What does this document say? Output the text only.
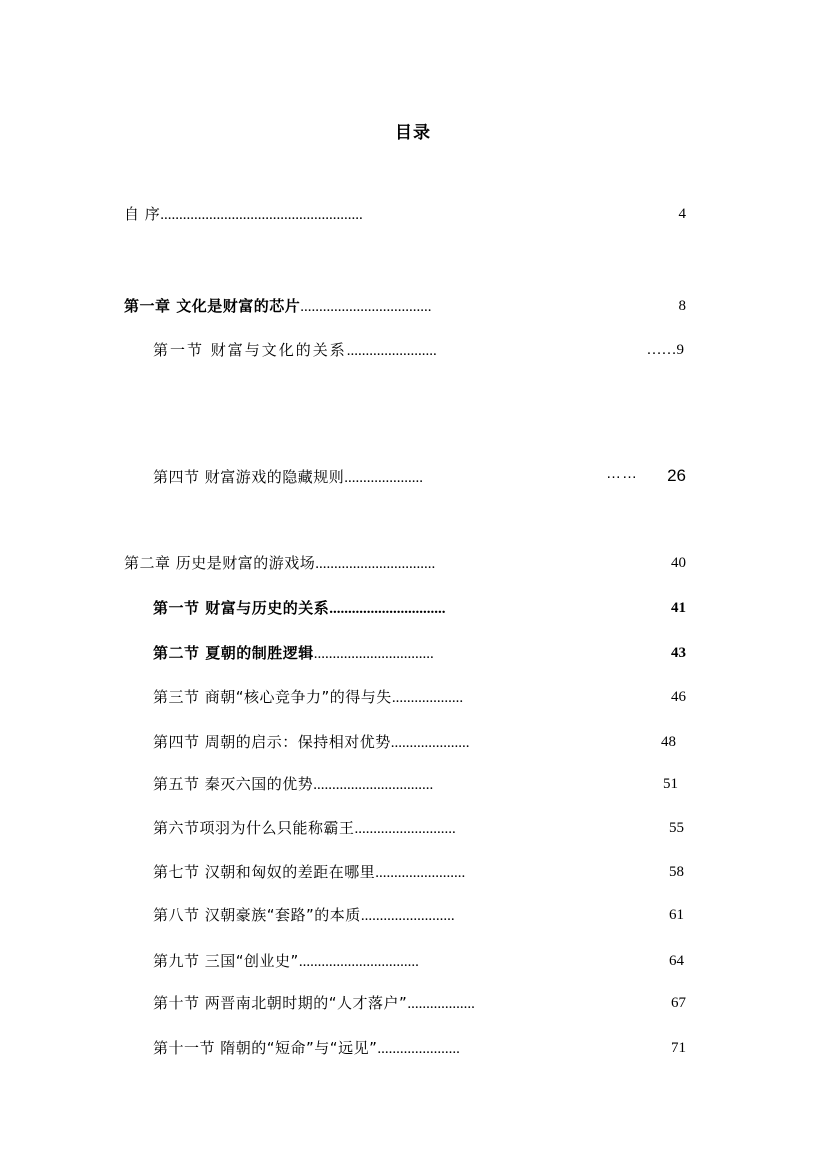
目录
自 序......................................................	4
第一章 文化是财富的芯片...................................	8
第一节 财富与文化的关系........................	……9
第四节 财富游戏的隐藏规则.....................	…… 26
第二章 历史是财富的游戏场................................	40
第一节 财富与历史的关系...............................	41
第二节 夏朝的制胜逻辑................................	43
第三节 商朝“核心竞争力”的得与失...................	46
第四节 周朝的启示：保持相对优势.....................	48
第五节 秦灭六国的优势................................	51
第六节项羽为什么只能称霸王...........................	55
第七节 汉朝和匈奴的差距在哪里........................	58
第八节 汉朝豪族“套路”的本质.........................	61
第九节 三国“创业史”................................	64
第十节 两晋南北朝时期的“人才落户”..................	67
第十一节 隋朝的“短命”与“远见”......................	71
